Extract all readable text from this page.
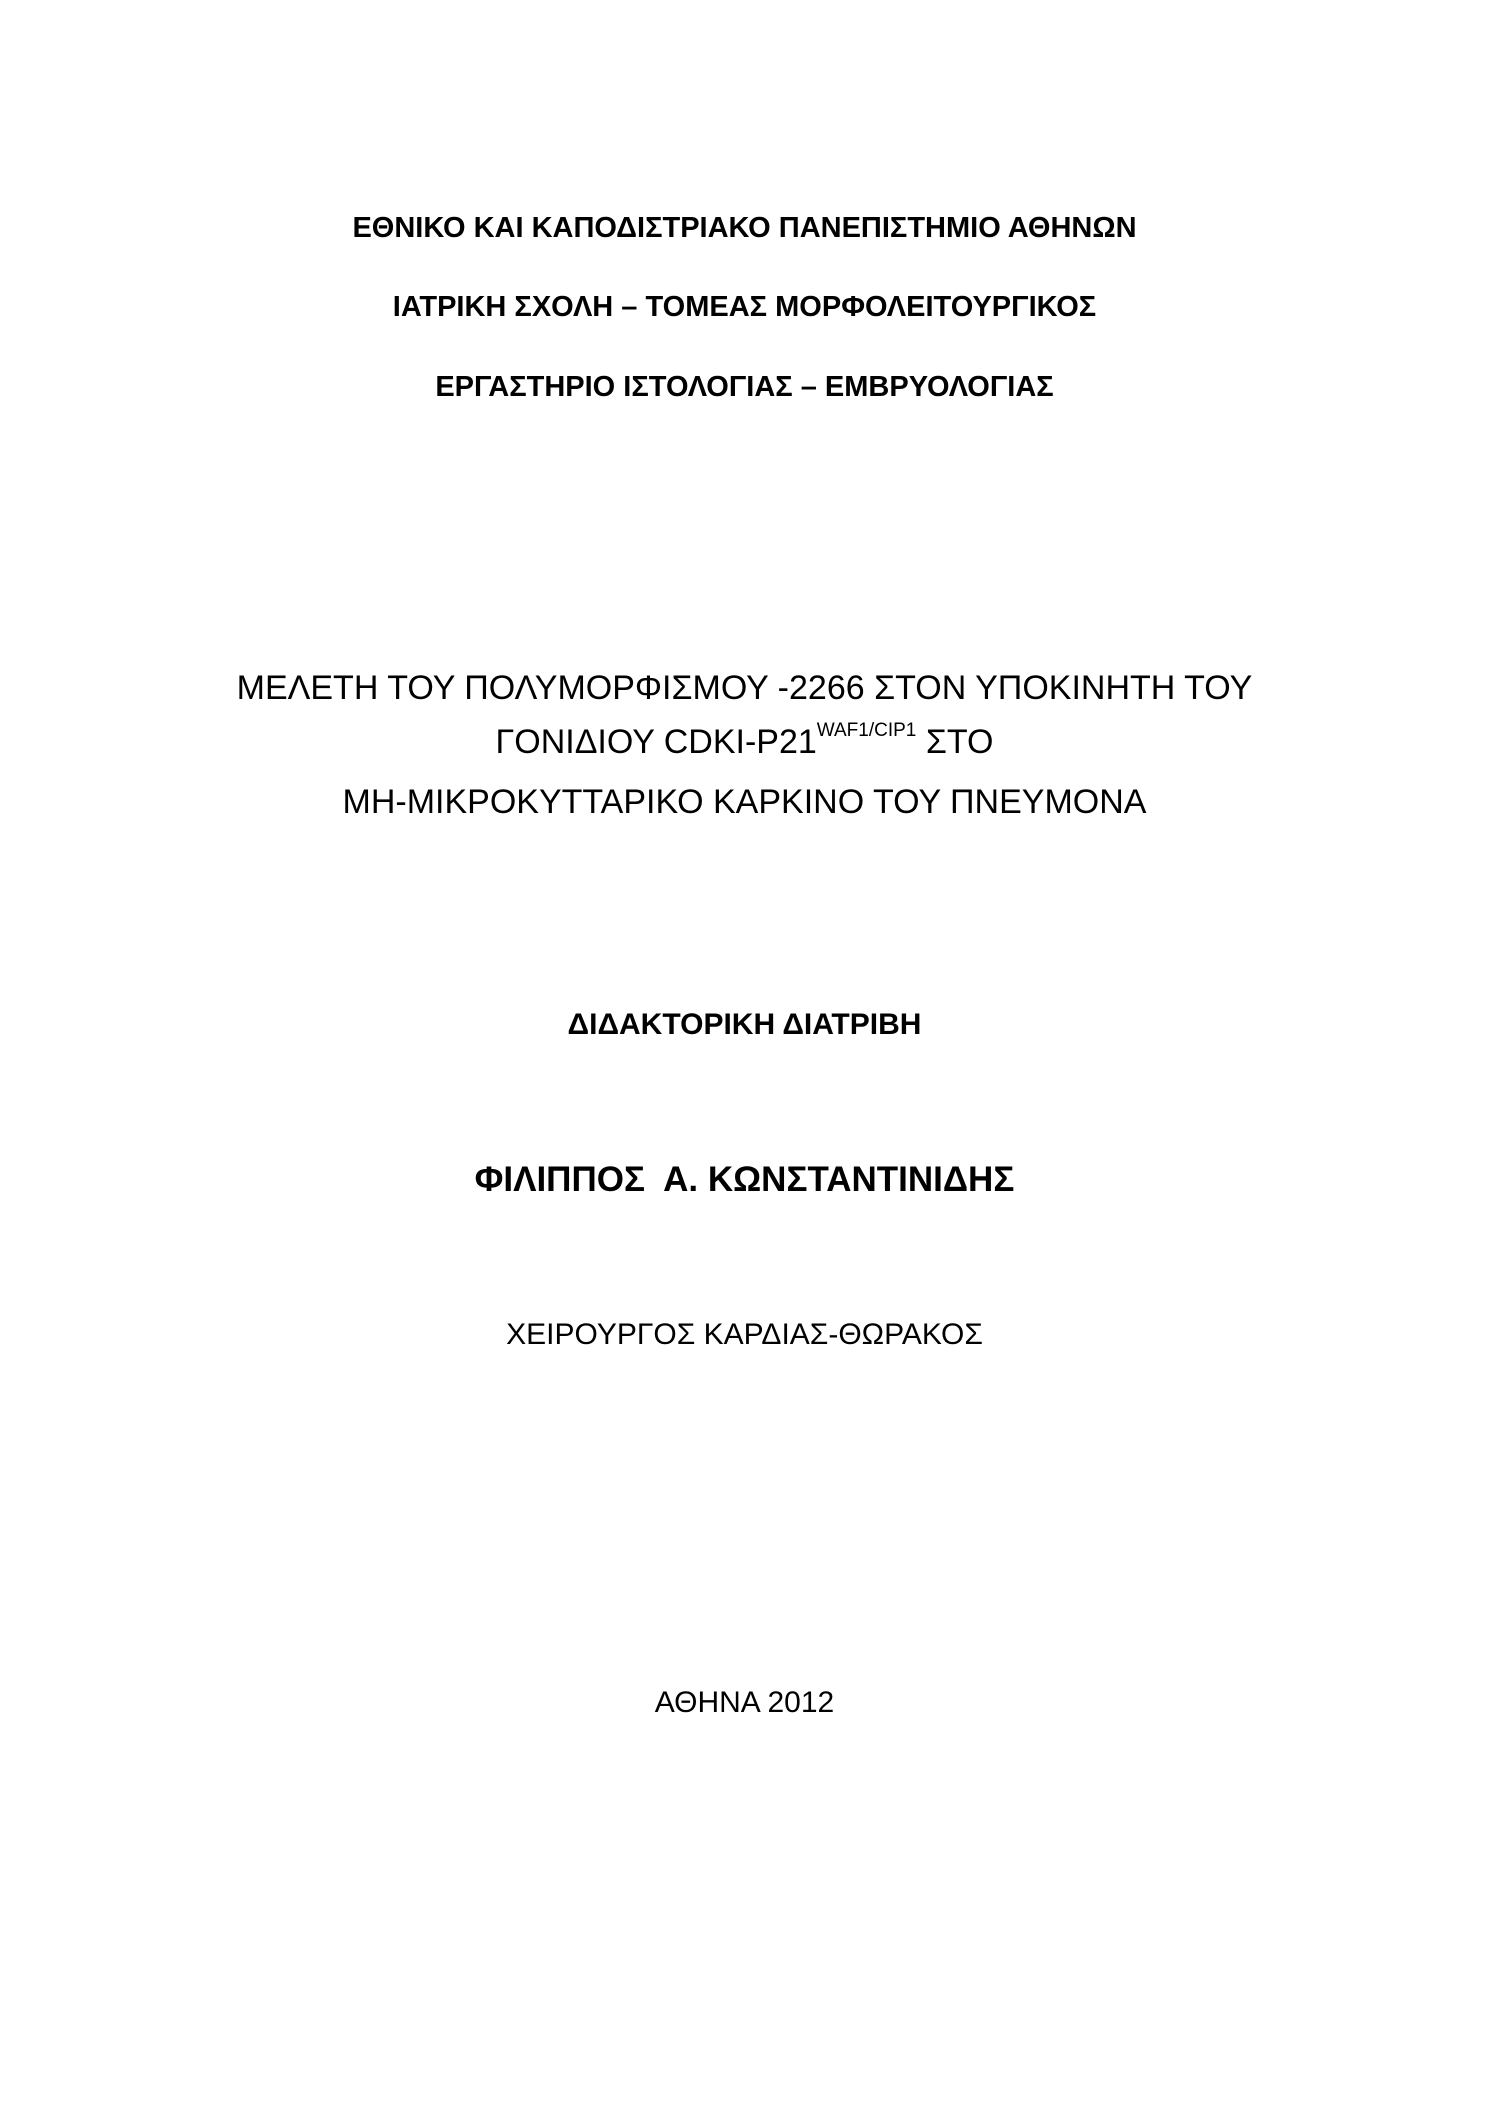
ΕΘΝΙΚΟ ΚΑΙ ΚΑΠΟΔΙΣΤΡΙΑΚΟ ΠΑΝΕΠΙΣΤΗΜΙΟ ΑΘΗΝΩΝ
ΙΑΤΡΙΚΗ ΣΧΟΛΗ – ΤΟΜΕΑΣ ΜΟΡΦΟΛΕΙΤΟΥΡΓΙΚΟΣ
ΕΡΓΑΣΤΗΡΙΟ ΙΣΤΟΛΟΓΙΑΣ – ΕΜΒΡΥΟΛΟΓΙΑΣ
ΜΕΛΕΤΗ ΤΟΥ ΠΟΛΥΜΟΡΦΙΣΜΟΥ -2266 ΣΤΟΝ ΥΠΟΚΙΝΗΤΗ ΤΟΥ
ΓΟΝΙΔΙΟΥ CDKI-$P21^{WAF1/CIP1}$ ΣΤΟ
ΜΗ-ΜΙΚΡΟΚΥΤΤΑΡΙΚΟ ΚΑΡΚΙΝΟ ΤΟΥ ΠΝΕΥΜΟΝΑ
ΔΙΔΑΚΤΟΡΙΚΗ ΔΙΑΤΡΙΒΗ
ΦΙΛΙΠΠΟΣ  Α. ΚΩΝΣΤΑΝΤΙΝΙΔΗΣ
ΧΕΙΡΟΥΡΓΟΣ ΚΑΡΔΙΑΣ-ΘΩΡΑΚΟΣ
ΑΘΗΝΑ 2012
